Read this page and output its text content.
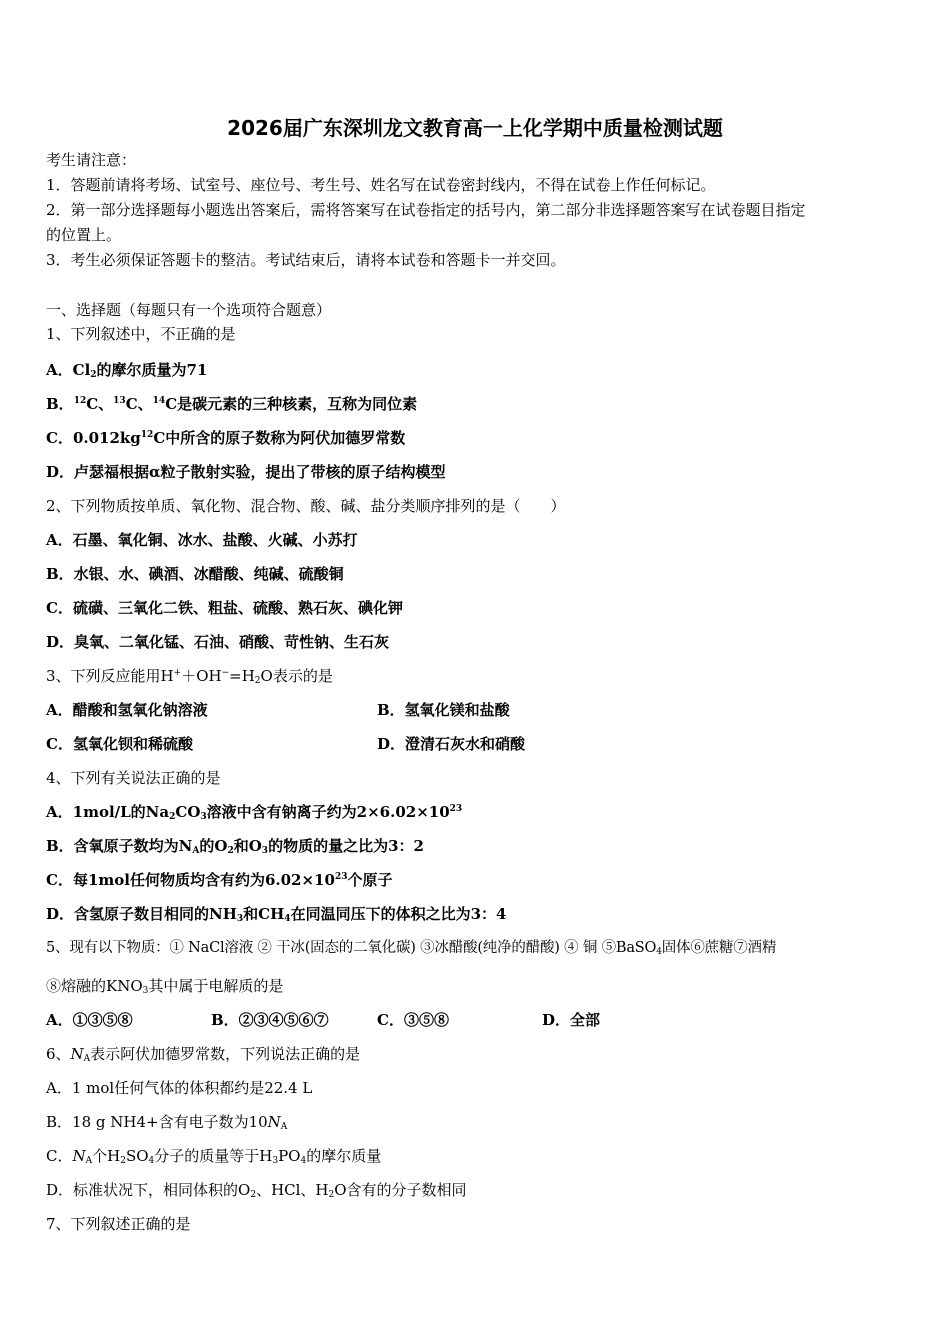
2026届广东深圳龙文教育高一上化学期中质量检测试题
考生请注意：
1．答题前请将考场、试室号、座位号、考生号、姓名写在试卷密封线内，不得在试卷上作任何标记。
2．第一部分选择题每小题选出答案后，需将答案写在试卷指定的括号内，第二部分非选择题答案写在试卷题目指定
的位置上。
3．考生必须保证答题卡的整洁。考试结束后，请将本试卷和答题卡一并交回。
一、选择题（每题只有一个选项符合题意）
1、下列叙述中，不正确的是
A．$Cl_2$的摩尔质量为71
B．$^{12}$C、$^{13}$C、$^{14}$C是碳元素的三种核素，互称为同位素
C．$0.012kg^{12}C$中所含的原子数称为阿伏加德罗常数
D．卢瑟福根据α粒子散射实验，提出了带核的原子结构模型
2、下列物质按单质、氧化物、混合物、酸、碱、盐分类顺序排列的是（　　）
A．石墨、氧化铜、冰水、盐酸、火碱、小苏打
B．水银、水、碘酒、冰醋酸、纯碱、硫酸铜
C．硫磺、三氧化二铁、粗盐、硫酸、熟石灰、碘化钾
D．臭氧、二氧化锰、石油、硝酸、苛性钠、生石灰
3、下列反应能用$H^++OH^-=H_2O$表示的是
A．醋酸和氢氧化钠溶液	B．氢氧化镁和盐酸
C．氢氧化钡和稀硫酸	D．澄清石灰水和硝酸
4、下列有关说法正确的是
A．1mol/L的$Na_2CO_3$溶液中含有钠离子约为$2\times 6.02\times 10^{23}$
B．含氧原子数均为$N_A$的$O_2$和$O_3$的物质的量之比为3：2
C．每1mol任何物质均含有约为$6.02\times 10^{23}$个原子
D．含氢原子数目相同的$NH_3$和$CH_4$在同温同压下的体积之比为3：4
5、现有以下物质：① NaCl溶液 ② 干冰(固态的二氧化碳) ③冰醋酸(纯净的醋酸) ④ 铜 ⑤BaSO$_4$固体⑥蔗糖⑦酒精
⑧熔融的$KNO_3$其中属于电解质的是
A．①③⑤⑧	B．②③④⑤⑥⑦	C．③⑤⑧	D．全部
6、$N_A$表示阿伏加德罗常数，下列说法正确的是
A．1 mol任何气体的体积都约是22.4 L
B．18 g NH4+含有电子数为$10N_A$
C．$N_A$个$H_2SO_4$分子的质量等于$H_3PO_4$的摩尔质量
D．标准状况下，相同体积的$O_2$、HCl、$H_2O$含有的分子数相同
7、下列叙述正确的是
